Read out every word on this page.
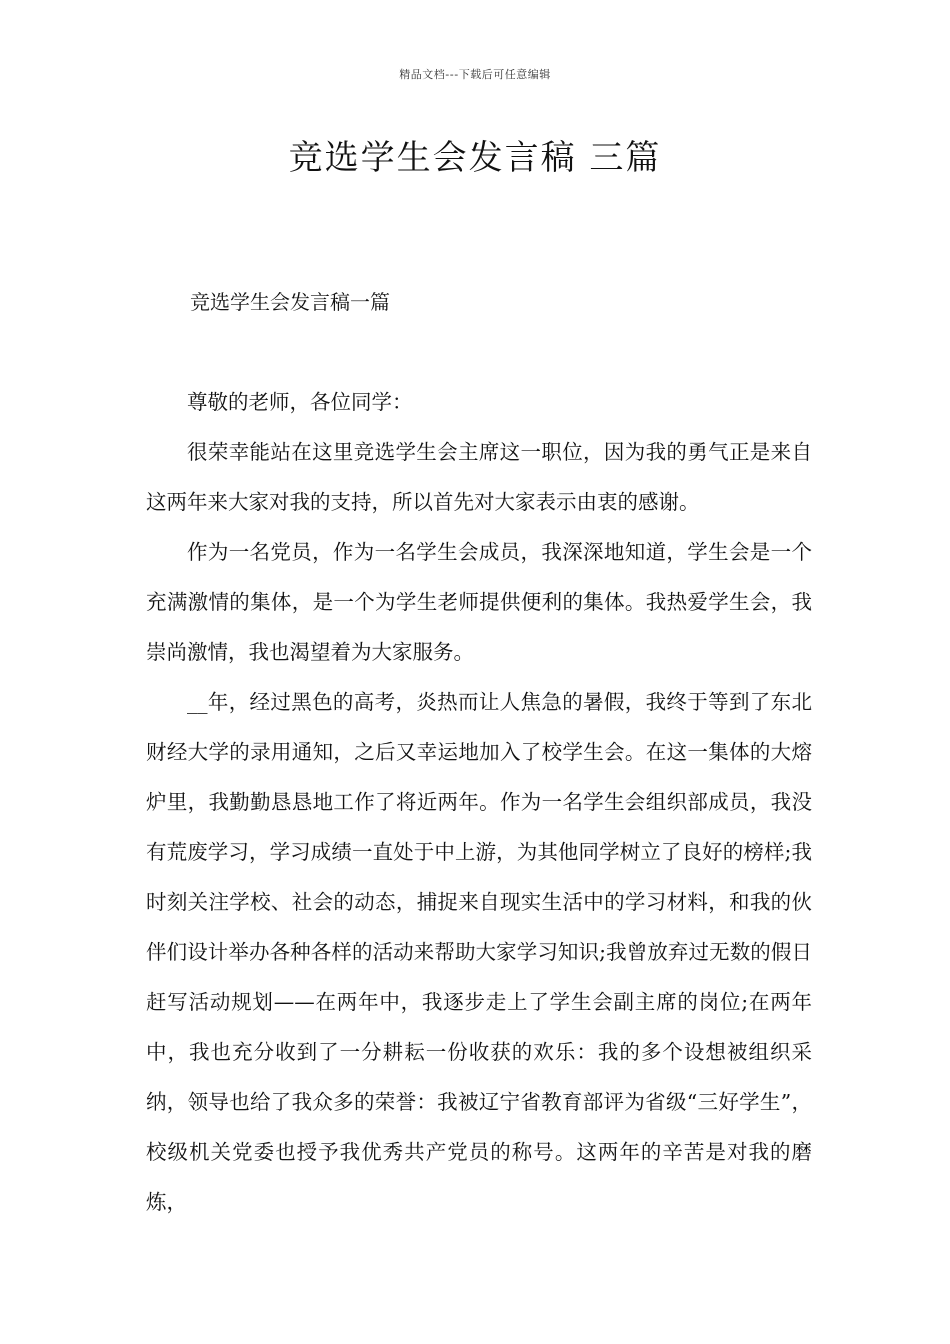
精品文档---下载后可任意编辑
竞选学生会发言稿 三篇
竞选学生会发言稿一篇

尊敬的老师，各位同学：

很荣幸能站在这里竞选学生会主席这一职位，因为我的勇气正是来自这两年来大家对我的支持，所以首先对大家表示由衷的感谢。

作为一名党员，作为一名学生会成员，我深深地知道，学生会是一个充满激情的集体，是一个为学生老师提供便利的集体。我热爱学生会，我崇尚激情，我也渴望着为大家服务。

__年，经过黑色的高考，炎热而让人焦急的暑假，我终于等到了东北财经大学的录用通知，之后又幸运地加入了校学生会。在这一集体的大熔炉里，我勤勤恳恳地工作了将近两年。作为一名学生会组织部成员，我没有荒废学习，学习成绩一直处于中上游，为其他同学树立了良好的榜样;我时刻关注学校、社会的动态，捕捉来自现实生活中的学习材料，和我的伙伴们设计举办各种各样的活动来帮助大家学习知识;我曾放弃过无数的假日赶写活动规划——在两年中，我逐步走上了学生会副主席的岗位;在两年中，我也充分收到了一分耕耘一份收获的欢乐：我的多个设想被组织采纳，领导也给了我众多的荣誉：我被辽宁省教育部评为省级“三好学生”，校级机关党委也授予我优秀共产党员的称号。这两年的辛苦是对我的磨炼，
